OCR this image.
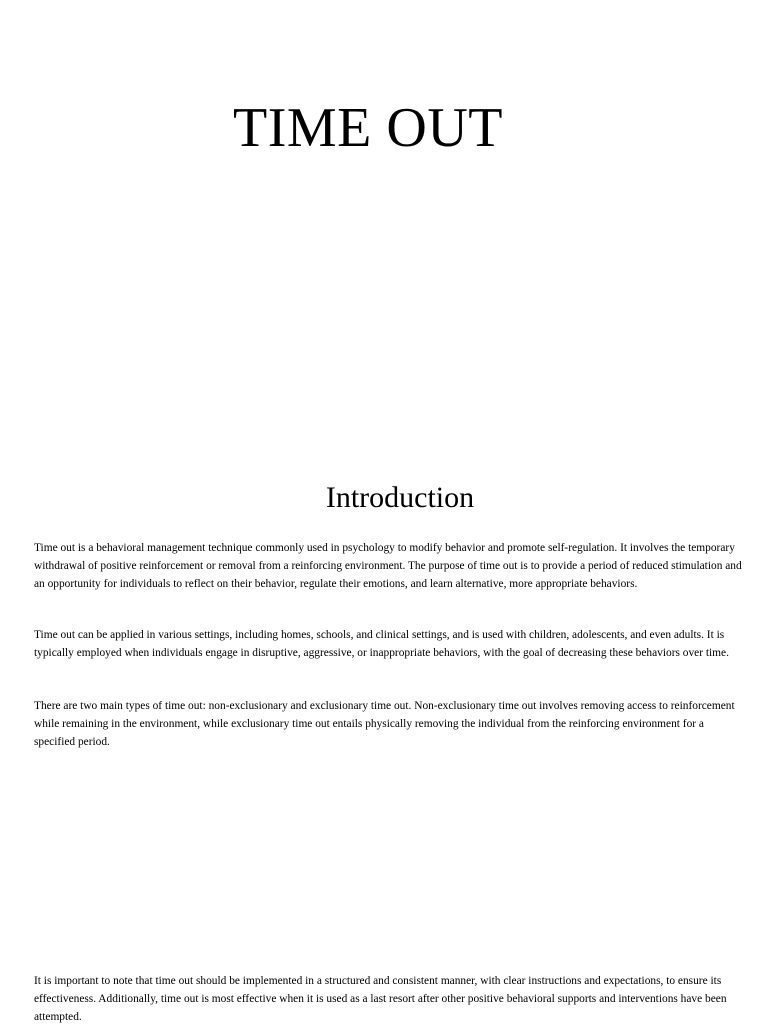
TIME OUT
Introduction

Time out is a behavioral management technique commonly used in psychology to modify behavior and promote self-regulation. It involves the temporary withdrawal of positive reinforcement or removal from a reinforcing environment. The purpose of time out is to provide a period of reduced stimulation and an opportunity for individuals to reflect on their behavior, regulate their emotions, and learn alternative, more appropriate behaviors.

Time out can be applied in various settings, including homes, schools, and clinical settings, and is used with children, adolescents, and even adults. It is typically employed when individuals engage in disruptive, aggressive, or inappropriate behaviors, with the goal of decreasing these behaviors over time.

There are two main types of time out: non-exclusionary and exclusionary time out. Non-exclusionary time out involves removing access to reinforcement while remaining in the environment, while exclusionary time out entails physically removing the individual from the reinforcing environment for a specified period.

It is important to note that time out should be implemented in a structured and consistent manner, with clear instructions and expectations, to ensure its effectiveness. Additionally, time out is most effective when it is used as a last resort after other positive behavioral supports and interventions have been attempted.
